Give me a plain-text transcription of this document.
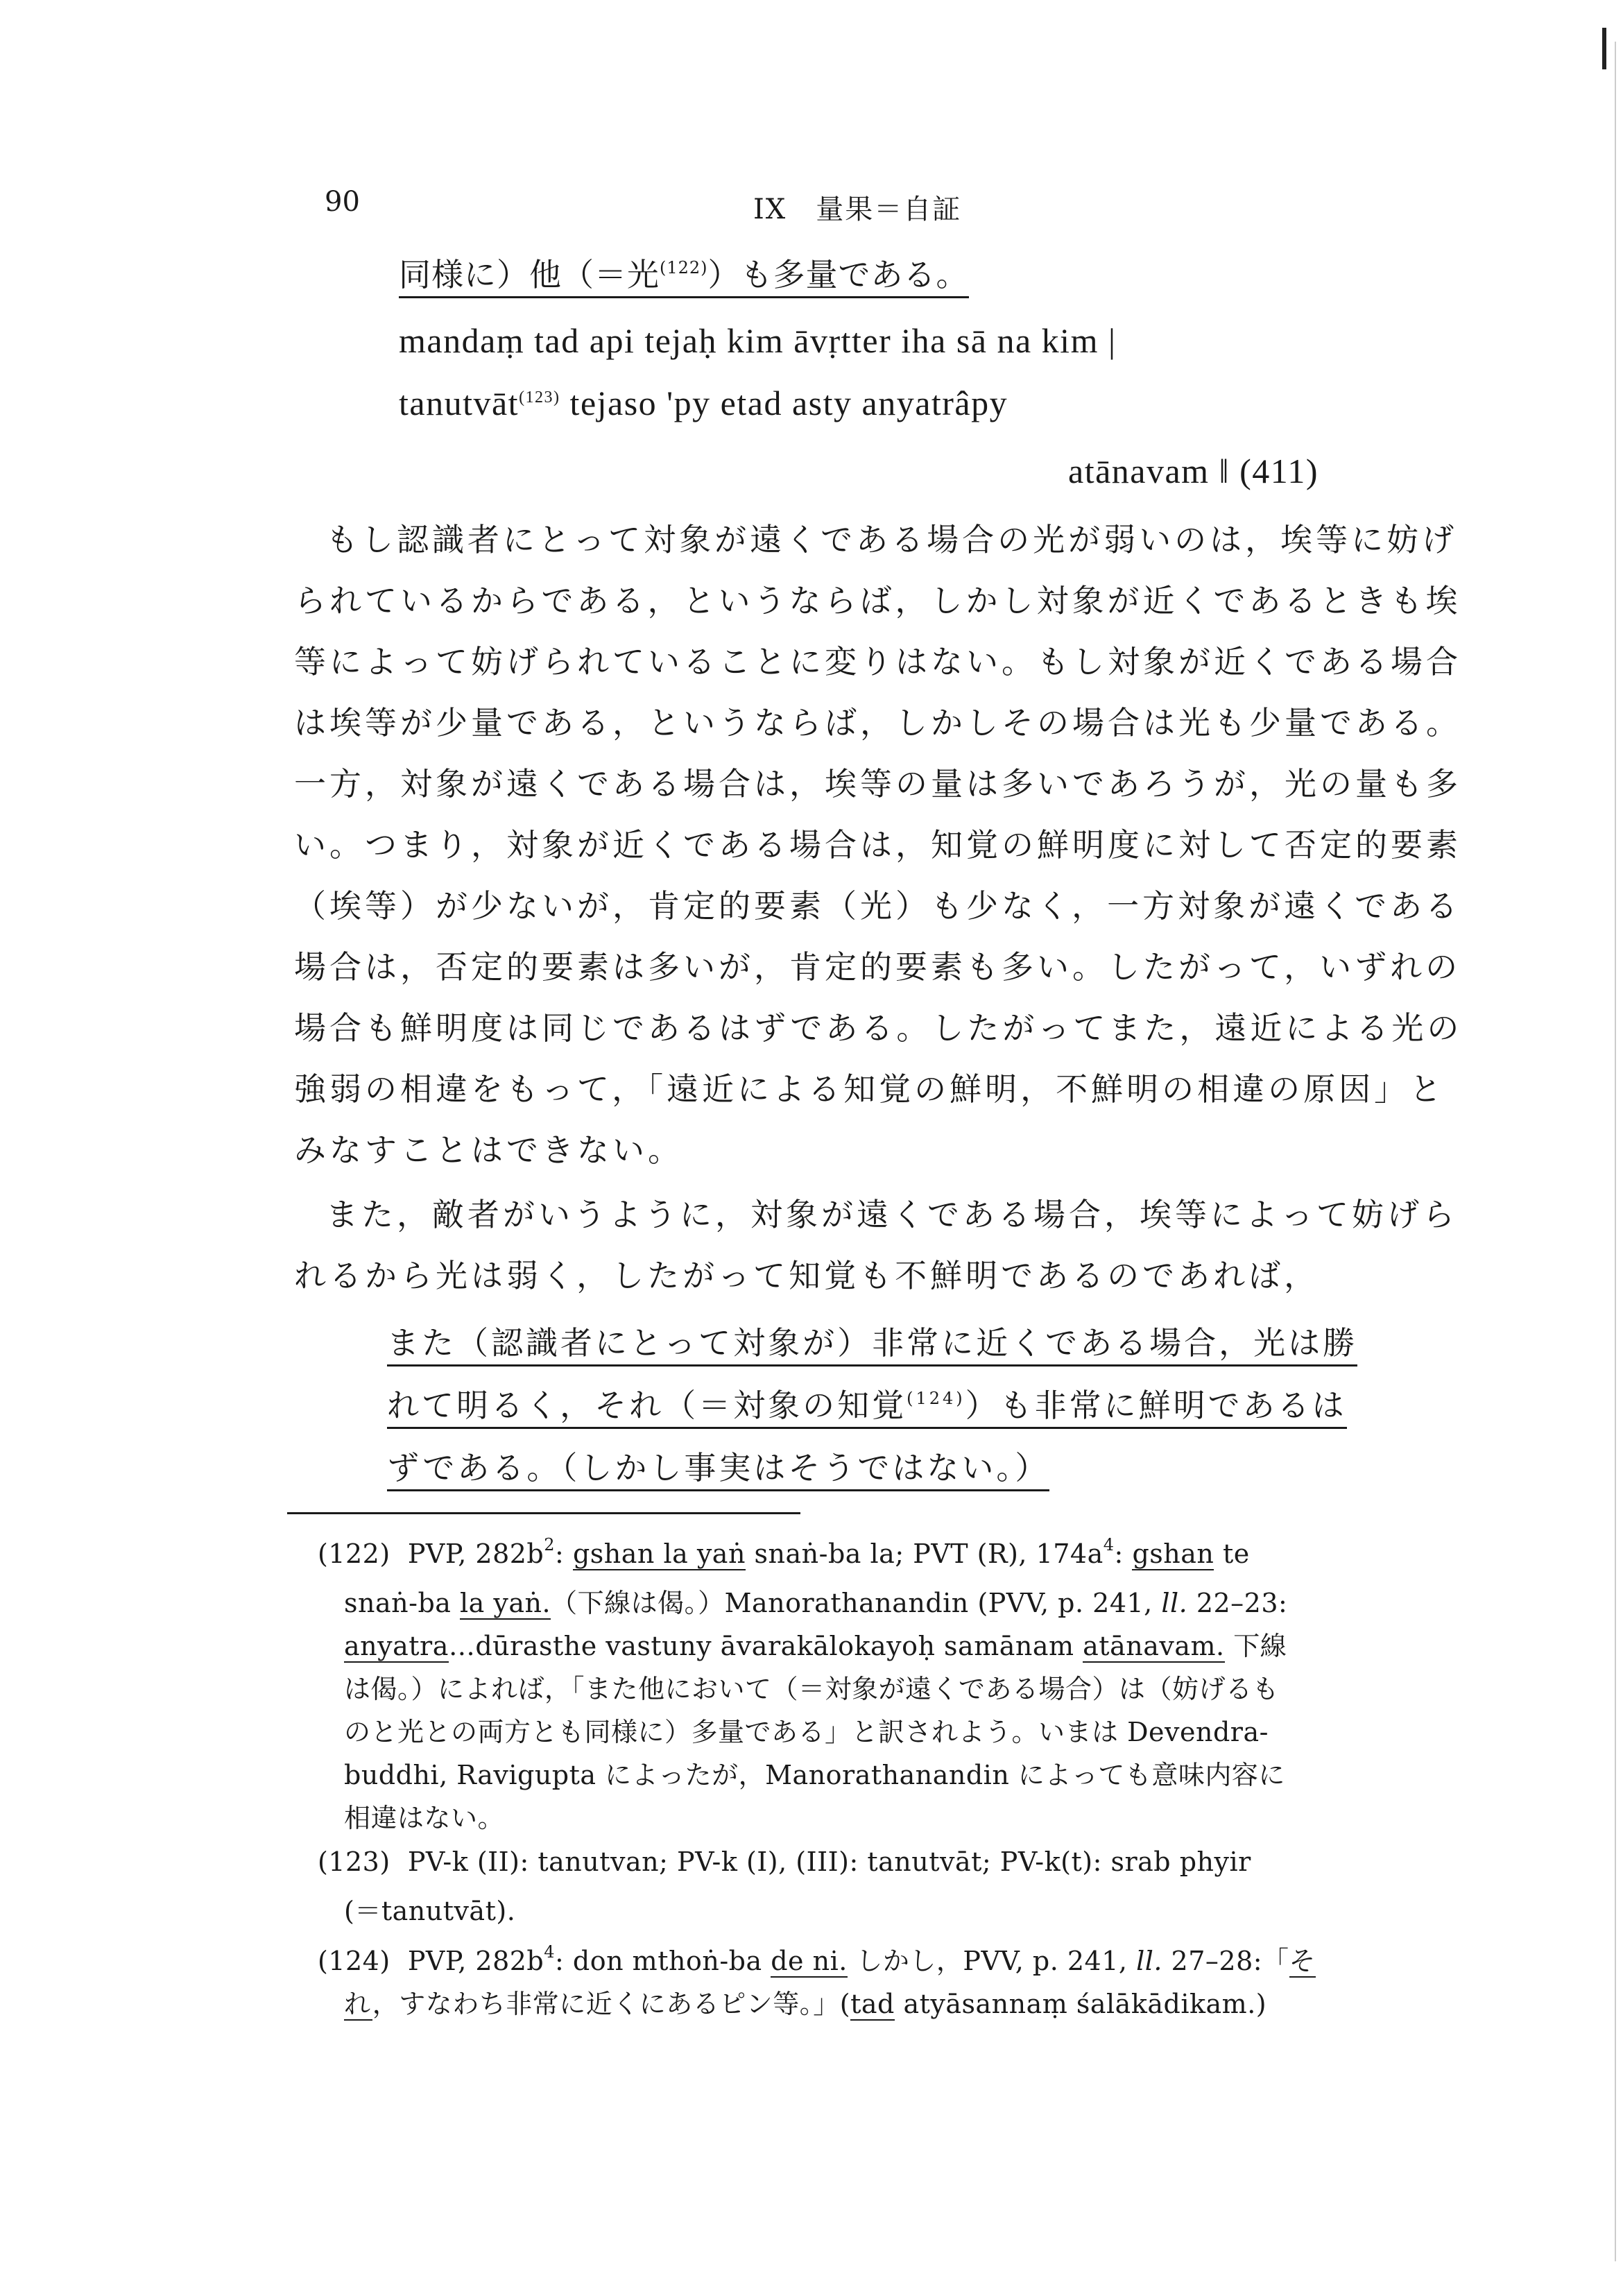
90	IX　量果＝自証
同様に）他（＝光$^{(122)}$）も多量である。
mandaṃ tad api tejaḥ kim āvṛtter iha sā na kim |
tanutvāt$^{(123)}$ tejaso 'py etad asty anyatrâpy
atānavam ‖ (411)
もし認識者にとって対象が遠くである場合の光が弱いのは，埃等に妨げ
られているからである，というならば，しかし対象が近くであるときも埃
等によって妨げられていることに変りはない。もし対象が近くである場合
は埃等が少量である，というならば，しかしその場合は光も少量である。
一方，対象が遠くである場合は，埃等の量は多いであろうが，光の量も多
い。つまり，対象が近くである場合は，知覚の鮮明度に対して否定的要素
（埃等）が少ないが，肯定的要素（光）も少なく，一方対象が遠くである
場合は，否定的要素は多いが，肯定的要素も多い。したがって，いずれの
場合も鮮明度は同じであるはずである。したがってまた，遠近による光の
強弱の相違をもって，「遠近による知覚の鮮明，不鮮明の相違の原因」と
みなすことはできない。
また，敵者がいうように，対象が遠くである場合，埃等によって妨げら
れるから光は弱く，したがって知覚も不鮮明であるのであれば，
また（認識者にとって対象が）非常に近くである場合，光は勝
れて明るく，それ（＝対象の知覚$^{(124)}$）も非常に鮮明であるは
ずである。（しかし事実はそうではない。）
(122) PVP, $282b^2$: gshan la yaṅ snaṅ-ba la; PVT (R), $174a^4$: gshan te
snaṅ-ba la yaṅ.（下線は偈。）Manorathanandin (PVV, p. 241, ll. 22–23:
anyatra…dūrasthe vastuny āvarakālokayoḥ samānam atānavam. 下線
は偈。）によれば，「また他において（＝対象が遠くである場合）は（妨げるも
のと光との両方とも同様に）多量である」と訳されよう。いまは Devendra-
buddhi, Ravigupta によったが，Manorathanandin によっても意味内容に
相違はない。
(123) PV-k (II): tanutvan; PV-k (I), (III): tanutvāt; PV-k(t): srab phyir
(＝tanutvāt).
(124) PVP, $282b^4$: don mthoṅ-ba de ni. しかし，PVV, p. 241, ll. 27–28:「そ
れ，すなわち非常に近くにあるピン等。」(tad atyāsannaṃ śalākādikam.)
